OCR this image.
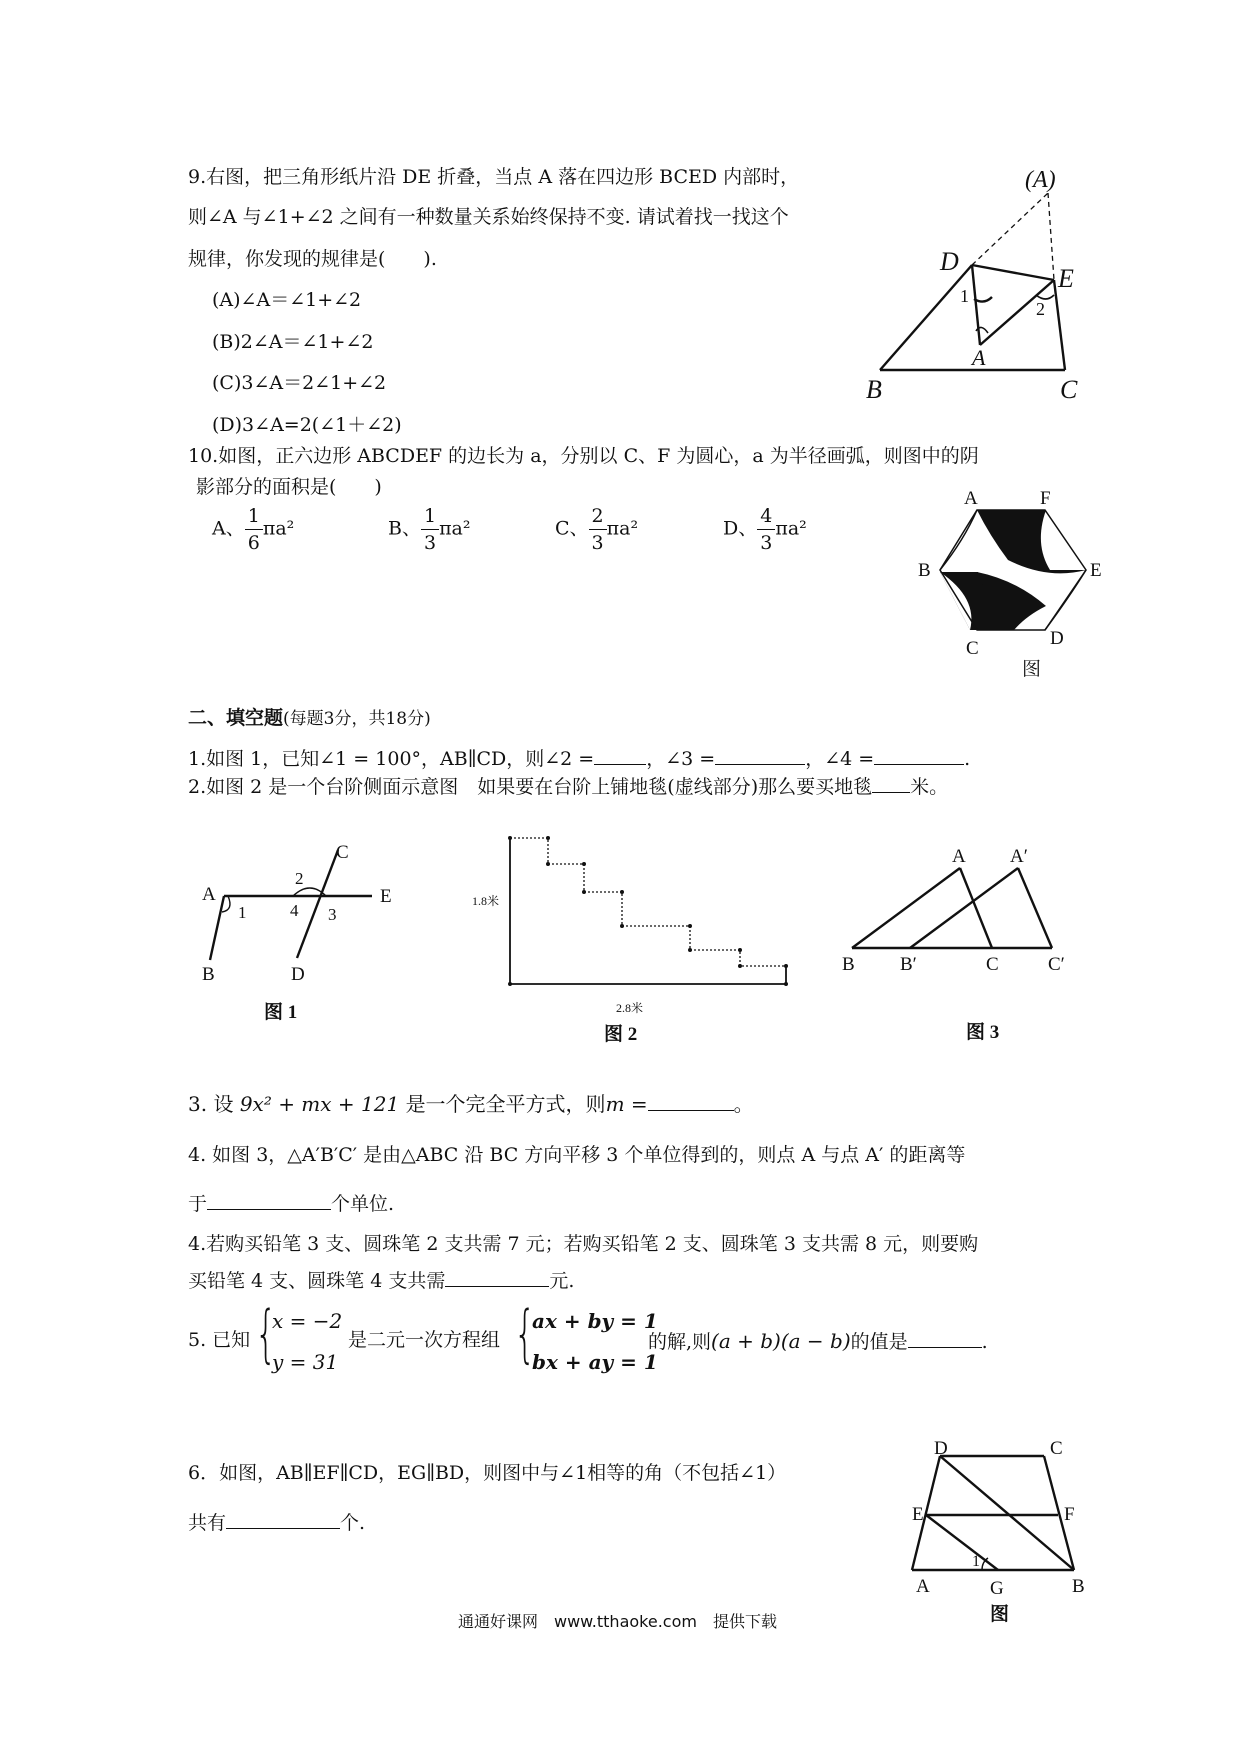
9.右图，把三角形纸片沿 DE 折叠，当点 A 落在四边形 BCED 内部时，
则∠A 与∠1+∠2 之间有一种数量关系始终保持不变. 请试着找一找这个
规律，你发现的规律是(　　).
(A)∠A＝∠1+∠2
(B)2∠A＝∠1+∠2
(C)3∠A＝2∠1+∠2
(D)3∠A=2(∠1＋∠2)
(A)
D
E
A
B	C
1
2
10.如图，正六边形 ABCDEF 的边长为 a，分别以 C、F 为圆心，a 为半径画弧，则图中的阴
影部分的面积是(　　)
A、 $\frac{1}{6} \pi a^2$	B、 $\frac{1}{3} \pi a^2$	C、 $\frac{2}{3} \pi a^2$	D、 $\frac{4}{3} \pi a^2$
A	F
B	E
C	D
图
二、填空题(每题3分，共18分)
1.如图 1，已知∠1 = 100°，AB∥CD，则∠2 =	，∠3 =	，∠4 =	.
2.如图 2 是一个台阶侧面示意图　如果要在台阶上铺地毯(虚线部分)那么要买地毯 米。
A
B
C
D
E
1
2
3
4
图 1
1.8米
2.8米
图 2
A A′
B B′	C	C′
图 3
3. 设 9x² + mx + 121 是一个完全平方式，则m =	。
4. 如图 3，△A′B′C′ 是由△ABC 沿 BC 方向平移 3 个单位得到的，则点 A 与点 A′ 的距离等
于	个单位.
4.若购买铅笔 3 支、圆珠笔 2 支共需 7 元；若购买铅笔 2 支、圆珠笔 3 支共需 8 元，则要购
买铅笔 4 支、圆珠笔 4 支共需	元.
5. 已知 {
x = −2
y = 31
是二元一次方程组 {
ax + by = 1
bx + ay = 1
的解,则(a + b)(a − b)的值是	.
6．如图，AB∥EF∥CD，EG∥BD，则图中与∠1相等的角（不包括∠1）
共有	个.
D	C
E	F
A	G	B
1
图
通通好课网　www.tthaoke.com　提供下载
